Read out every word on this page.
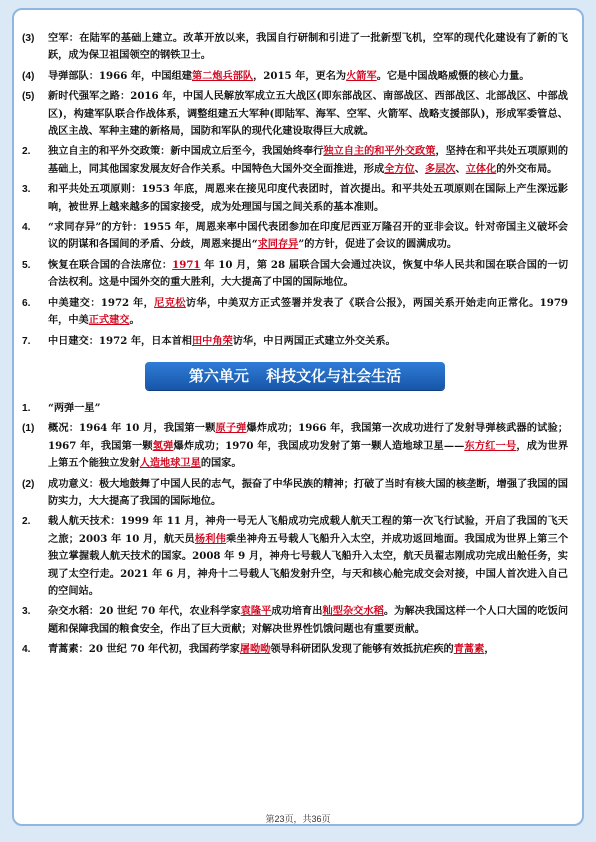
(3)	空军：在陆军的基础上建立。改革开放以来，我国自行研制和引进了一批新型飞机，空军的现代化建设有了新的飞跃，成为保卫祖国领空的钢铁卫士。
(4)	导弹部队：1966 年，中国组建第二炮兵部队，2015 年，更名为火箭军。它是中国战略威慑的核心力量。
(5)	新时代强军之路：2016 年，中国人民解放军成立五大战区(即东部战区、南部战区、西部战区、北部战区、中部战区)，构建军队联合作战体系，调整组建五大军种(即陆军、海军、空军、火箭军、战略支援部队)，形成军委管总、战区主战、军种主建的新格局，国防和军队的现代化建设取得巨大成就。
2.	独立自主的和平外交政策：新中国成立后至今，我国始终奉行独立自主的和平外交政策，坚持在和平共处五项原则的基础上，同其他国家发展友好合作关系。中国特色大国外交全面推进，形成全方位、多层次、立体化的外交布局。
3.	和平共处五项原则：1953 年底，周恩来在接见印度代表团时，首次提出。和平共处五项原则在国际上产生深远影响，被世界上越来越多的国家接受，成为处理国与国之间关系的基本准则。
4.	“求同存异”的方针：1955 年，周恩来率中国代表团参加在印度尼西亚万隆召开的亚非会议。针对帝国主义破坏会议的阴谋和各国间的矛盾、分歧，周恩来提出“求同存异”的方针，促进了会议的圆满成功。
5.	恢复在联合国的合法席位：1971 年 10 月，第 28 届联合国大会通过决议，恢复中华人民共和国在联合国的一切合法权利。这是中国外交的重大胜利，大大提高了中国的国际地位。
6.	中美建交：1972 年，尼克松访华，中美双方正式签署并发表了《联合公报》，两国关系开始走向正常化。1979 年，中美正式建交。
7.	中日建交：1972 年，日本首相田中角荣访华，中日两国正式建立外交关系。
第六单元 科技文化与社会生活
1.	“两弹一星”
(1)	概况：1964 年 10 月，我国第一颗原子弹爆炸成功；1966 年，我国第一次成功进行了发射导弹核武器的试验；1967 年，我国第一颗氢弹爆炸成功；1970 年，我国成功发射了第一颗人造地球卫星——东方红一号，成为世界上第五个能独立发射人造地球卫星的国家。
(2)	成功意义：极大地鼓舞了中国人民的志气，振奋了中华民族的精神；打破了当时有核大国的核垄断，增强了我国的国防实力，大大提高了我国的国际地位。
2.	载人航天技术：1999 年 11 月，神舟一号无人飞船成功完成载人航天工程的第一次飞行试验，开启了我国的飞天之旅；2003 年 10 月，航天员杨利伟乘坐神舟五号载人飞船升入太空，并成功返回地面。我国成为世界上第三个独立掌握载人航天技术的国家。2008 年 9 月，神舟七号载人飞船升入太空，航天员翟志刚成功完成出舱任务，实现了太空行走。2021 年 6 月，神舟十二号载人飞船发射升空，与天和核心舱完成交会对接，中国人首次进入自己的空间站。
3.	杂交水稻：20 世纪 70 年代，农业科学家袁隆平成功培育出籼型杂交水稻。为解决我国这样一个人口大国的吃饭问题和保障我国的粮食安全，作出了巨大贡献；对解决世界性饥饿问题也有重要贡献。
4.	青蒿素：20 世纪 70 年代初，我国药学家屠呦呦领导科研团队发现了能够有效抵抗疟疾的青蒿素，
第23页，共36页
